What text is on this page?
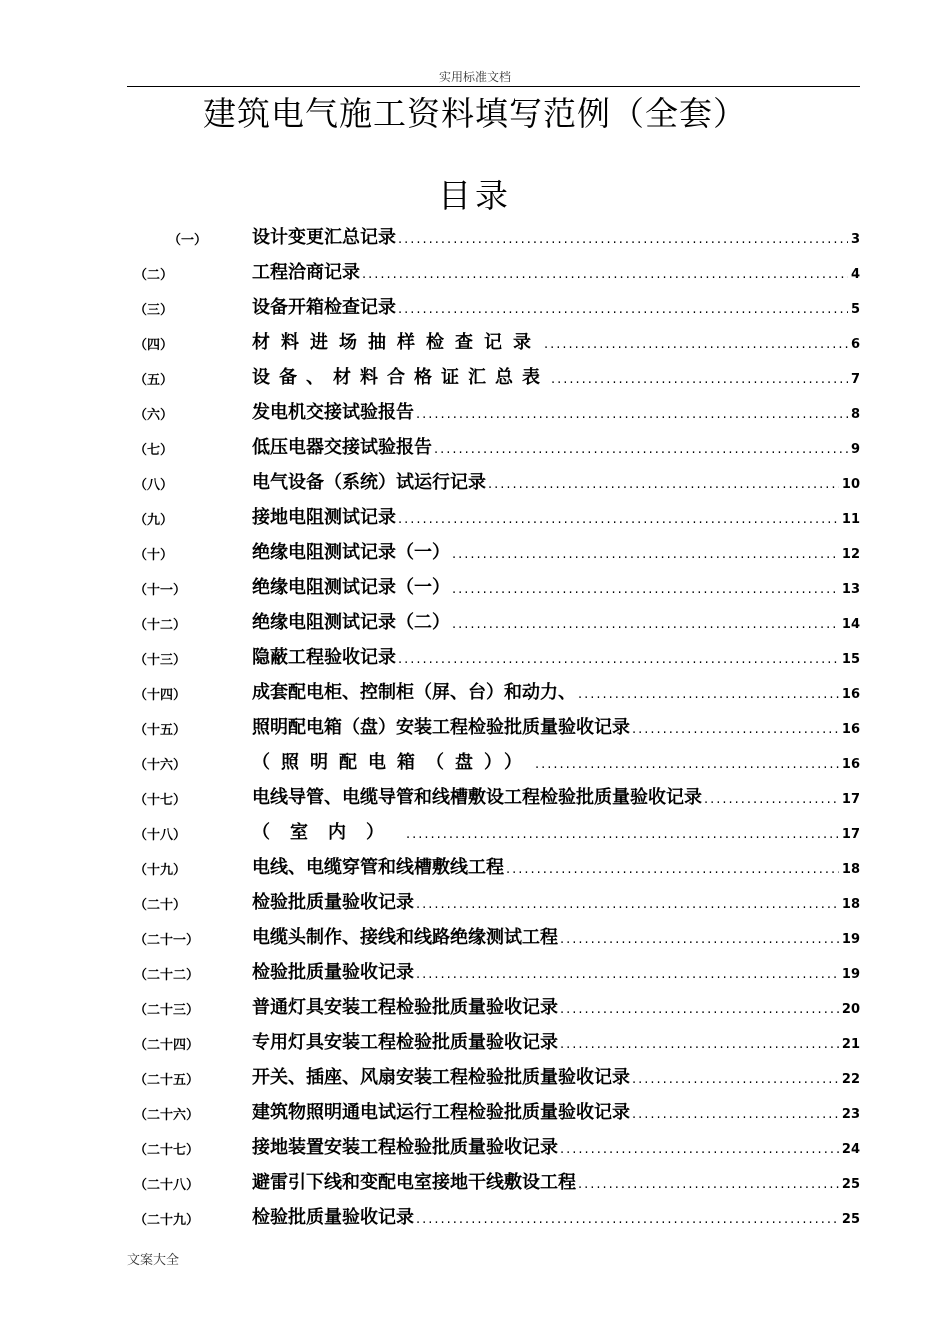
实用标准文档
建筑电气施工资料填写范例（全套）
目录
（一） 设计变更汇总记录 .....	3
（二）	工程洽商记录 .....	4
（三）	设备开箱检查记录 .....	5
（四）	材料进场抽样检查记录 .....	6
（五）	设备、材料合格证汇总表 .....	7
（六）	发电机交接试验报告 .....	8
（七）	低压电器交接试验报告 .....	9
（八）	电气设备（系统）试运行记录 .....	10
（九）	接地电阻测试记录 .....	11
（十）	绝缘电阻测试记录（一） .....	12
（十一）	绝缘电阻测试记录（一） .....	13
（十二）	绝缘电阻测试记录（二） .....	14
（十三）	隐蔽工程验收记录 .....	15
（十四）	成套配电柜、控制柜（屏、台）和动力、 .....	16
（十五）	照明配电箱（盘）安装工程检验批质量验收记录 .....	16
（十六）	（照明配电箱（盘）） .....	16
（十七）	电线导管、电缆导管和线槽敷设工程检验批质量验收记录 .....	17
（十八）	（室内） .....	17
（十九）	电线、电缆穿管和线槽敷线工程 .....	18
（二十）	检验批质量验收记录 .....	18
（二十一）	电缆头制作、接线和线路绝缘测试工程 .....	19
（二十二）	检验批质量验收记录 .....	19
（二十三）	普通灯具安装工程检验批质量验收记录 .....	20
（二十四）	专用灯具安装工程检验批质量验收记录 .....	21
（二十五）	开关、插座、风扇安装工程检验批质量验收记录 .....	22
（二十六）	建筑物照明通电试运行工程检验批质量验收记录 .....	23
（二十七）	接地装置安装工程检验批质量验收记录 .....	24
（二十八）	避雷引下线和变配电室接地干线敷设工程 .....	25
（二十九）	检验批质量验收记录 .....	25
文案大全
